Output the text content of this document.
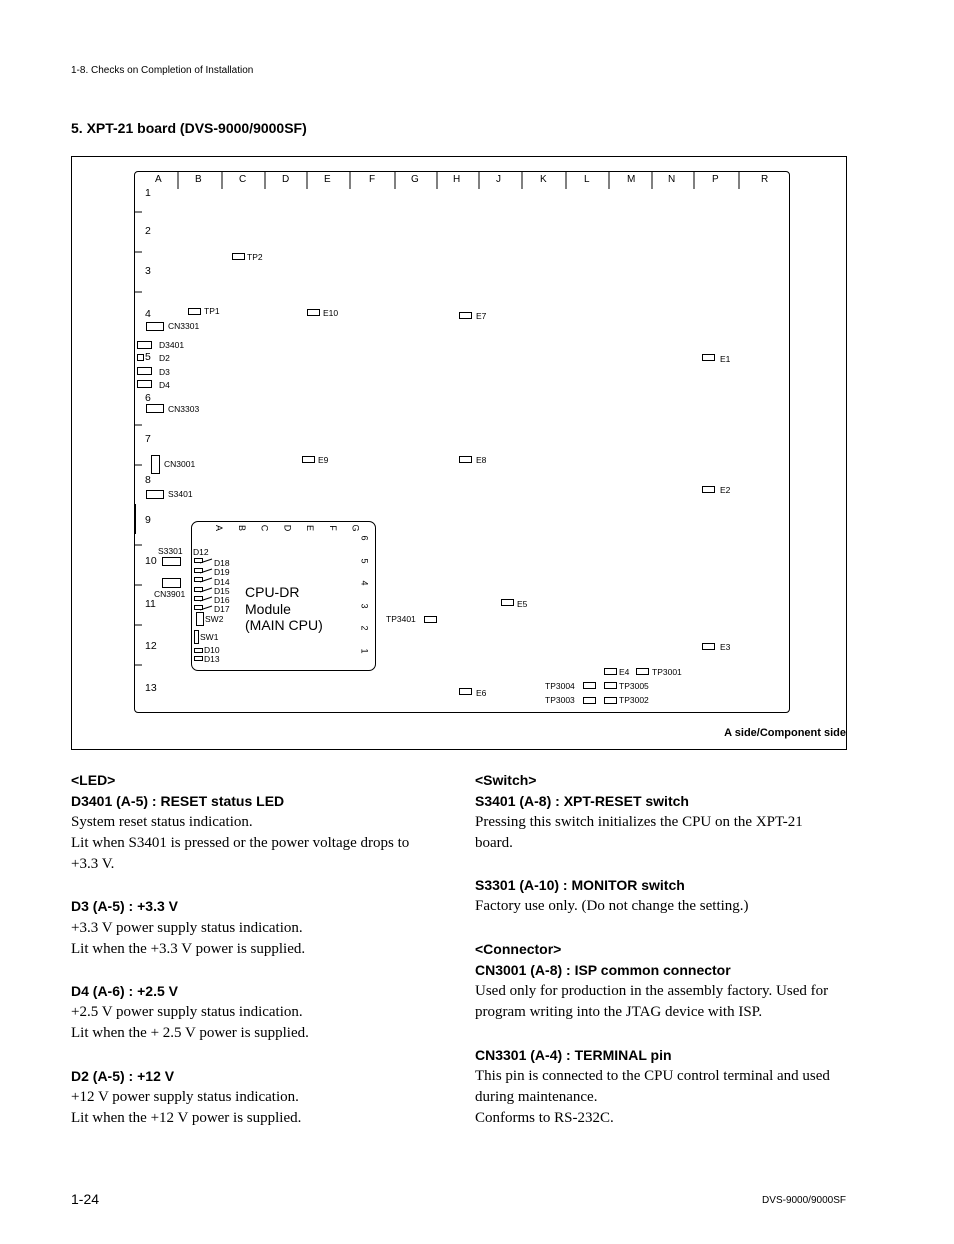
1-8. Checks on Completion of Installation
5. XPT-21 board (DVS-9000/9000SF)
A	B	C	D	E	F	G	H	J	K	L	M	N	P	R
1
2
3
4
5
6
7
8
9
10
11
12
13
TP2
TP1	E10	E7
CN3301
D3401
D2
D3
D4
CN3303
E1
CN3001	E9	E8
S3401	E2
S3301
CN3901
E5
TP3401
E3
E4	TP3001
TP3004	TP3005
TP3003	TP3002
E6
CPU-DR
Module
(MAIN CPU)
A B C D E F G
6
5
4
3
2
1
D12
D18
D19
D14
D15
D16
D17
SW2
SW1
D10
D13
A side/Component side
<LED>
D3401 (A-5) : RESET status LED
System reset status indication.
Lit when S3401 is pressed or the power voltage drops to
+3.3 V.
D3 (A-5) : +3.3 V
+3.3 V power supply status indication.
Lit when the +3.3 V power is supplied.
D4 (A-6) : +2.5 V
+2.5 V power supply status indication.
Lit when the + 2.5 V power is supplied.
D2 (A-5) : +12 V
+12 V power supply status indication.
Lit when the +12 V power is supplied.
<Switch>
S3401 (A-8) : XPT-RESET switch
Pressing this switch initializes the CPU on the XPT-21
board.
S3301 (A-10) : MONITOR switch
Factory use only. (Do not change the setting.)
<Connector>
CN3001 (A-8) : ISP common connector
Used only for production in the assembly factory. Used for
program writing into the JTAG device with ISP.
CN3301 (A-4) : TERMINAL pin
This pin is connected to the CPU control terminal and used
during maintenance.
Conforms to RS-232C.
1-24	DVS-9000/9000SF
